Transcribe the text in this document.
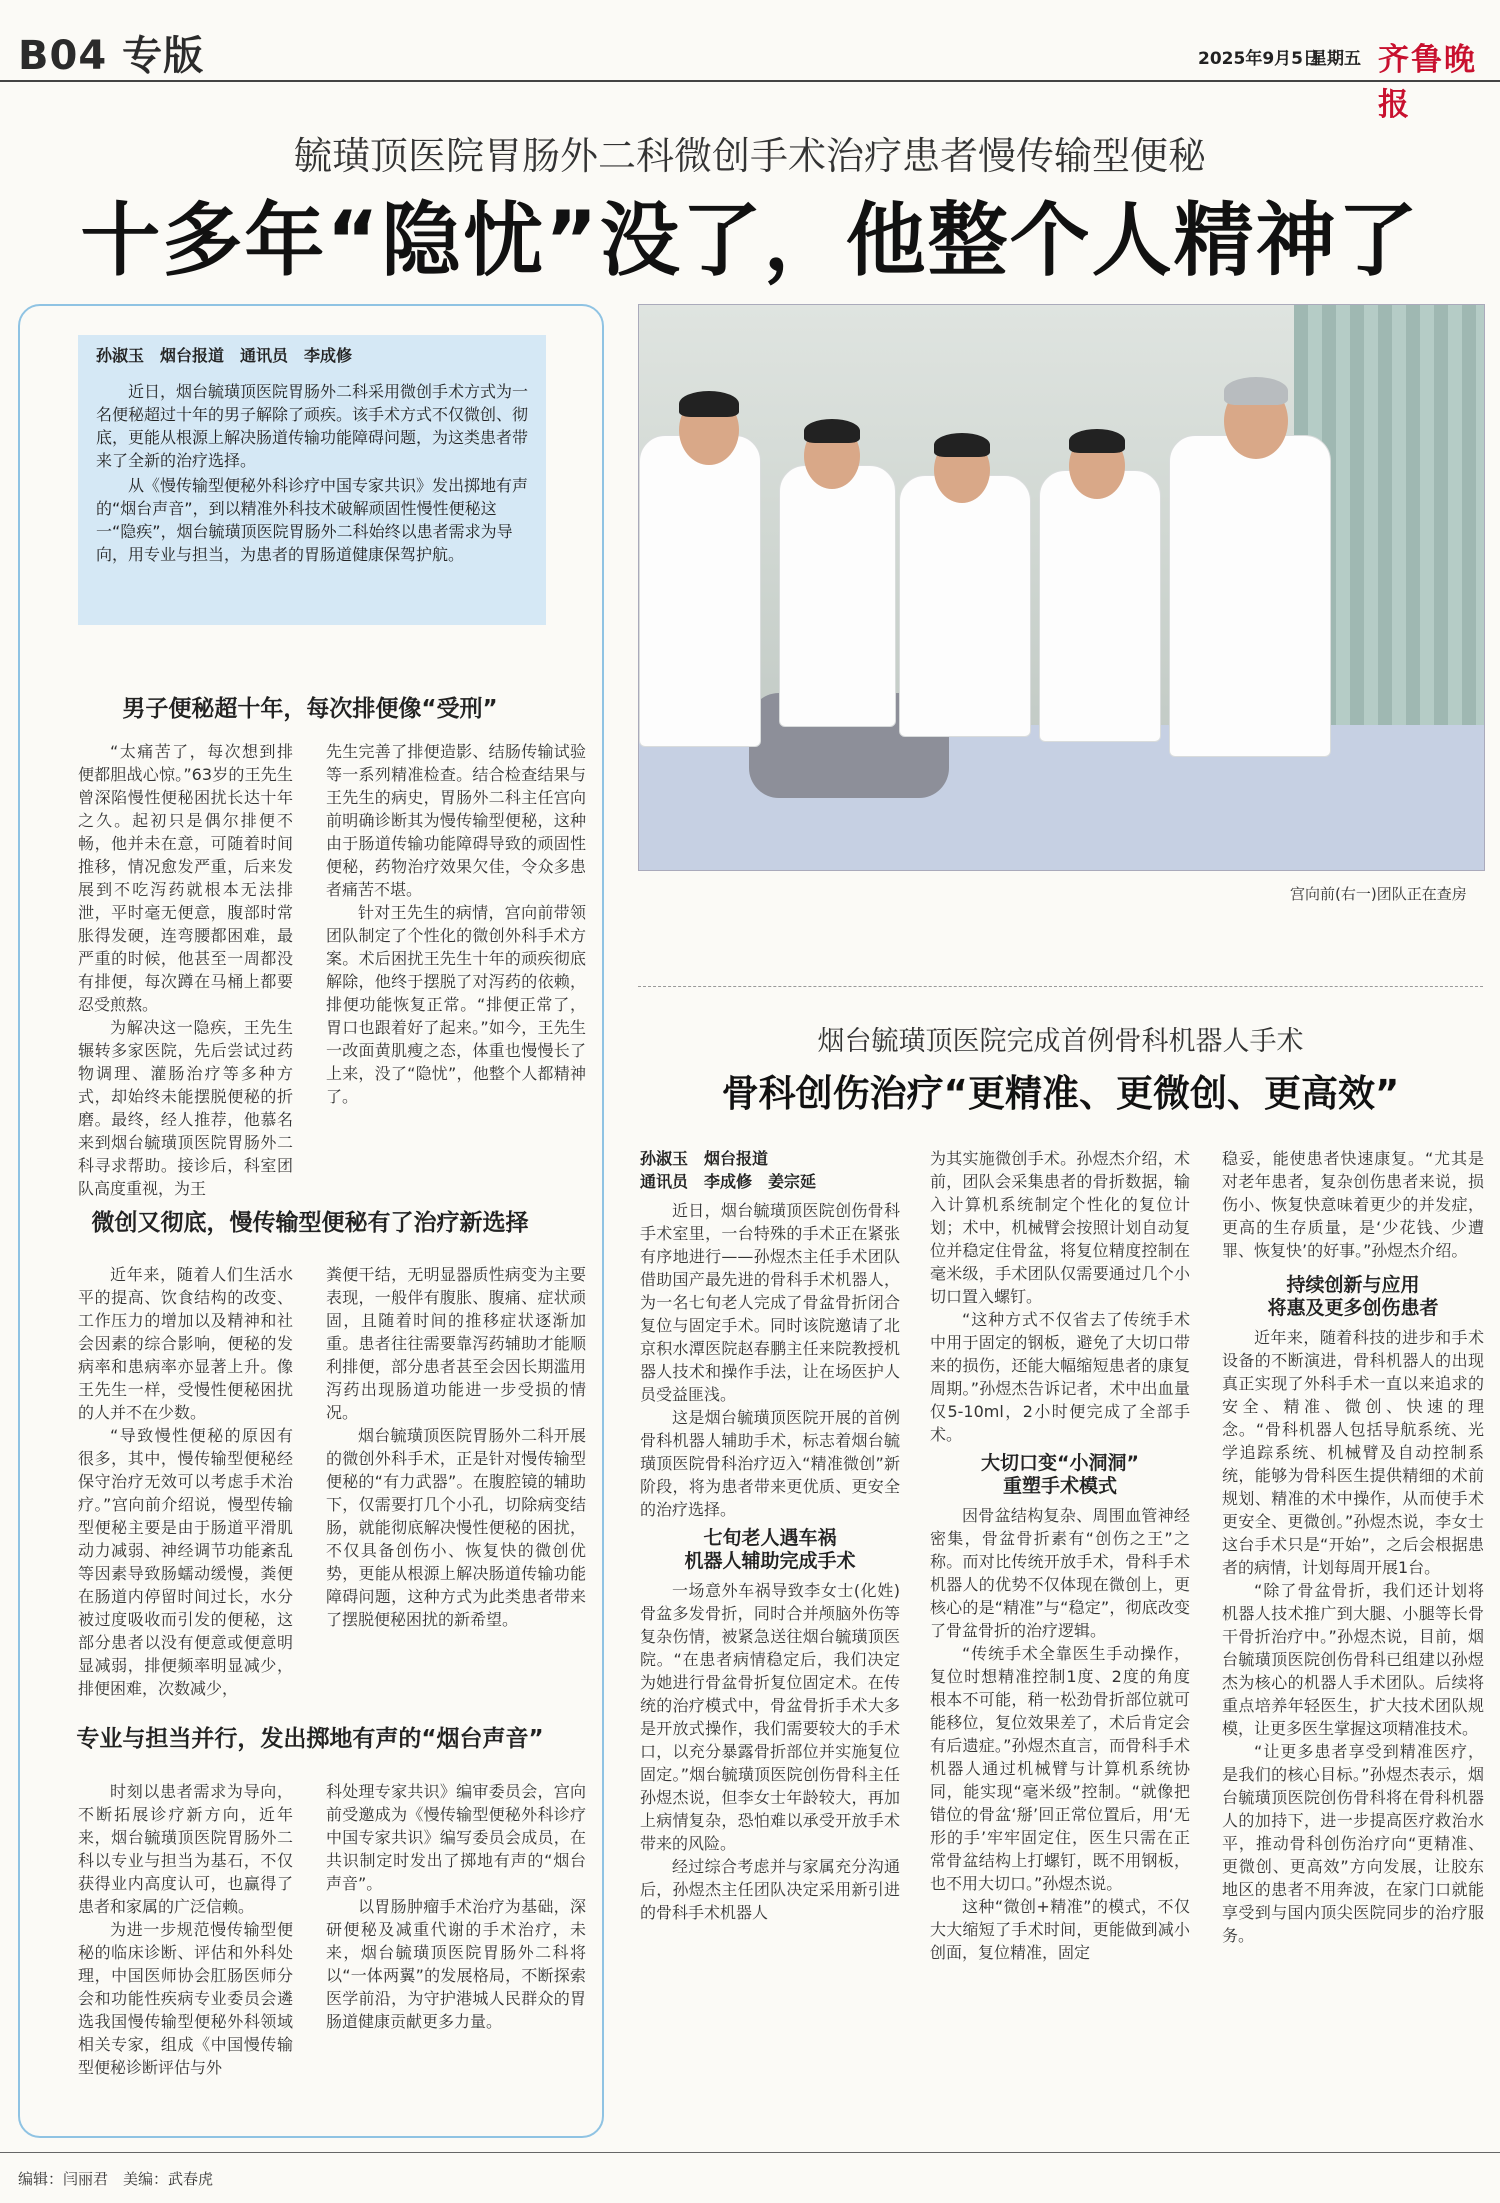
B04 专版	2025年9月5日
星期五 齐鲁晚报
毓璜顶医院胃肠外二科微创手术治疗患者慢传输型便秘
十多年“隐忧”没了，他整个人精神了
孙淑玉　烟台报道　通讯员　李成修

近日，烟台毓璜顶医院胃肠外二科采用微创手术方式为一名便秘超过十年的男子解除了顽疾。该手术方式不仅微创、彻底，更能从根源上解决肠道传输功能障碍问题，为这类患者带来了全新的治疗选择。

从《慢传输型便秘外科诊疗中国专家共识》发出掷地有声的“烟台声音”，到以精准外科技术破解顽固性慢性便秘这一“隐疾”，烟台毓璜顶医院胃肠外二科始终以患者需求为导向，用专业与担当，为患者的胃肠道健康保驾护航。

男子便秘超十年，每次排便像“受刑”

“太痛苦了，每次想到排便都胆战心惊。”63岁的王先生曾深陷慢性便秘困扰长达十年之久。起初只是偶尔排便不畅，他并未在意，可随着时间推移，情况愈发严重，后来发展到不吃泻药就根本无法排泄，平时毫无便意，腹部时常胀得发硬，连弯腰都困难，最严重的时候，他甚至一周都没有排便，每次蹲在马桶上都要忍受煎熬。

为解决这一隐疾，王先生辗转多家医院，先后尝试过药物调理、灌肠治疗等多种方式，却始终未能摆脱便秘的折磨。最终，经人推荐，他慕名来到烟台毓璜顶医院胃肠外二科寻求帮助。接诊后，科室团队高度重视，为王

先生完善了排便造影、结肠传输试验等一系列精准检查。结合检查结果与王先生的病史，胃肠外二科主任宫向前明确诊断其为慢传输型便秘，这种由于肠道传输功能障碍导致的顽固性便秘，药物治疗效果欠佳，令众多患者痛苦不堪。

针对王先生的病情，宫向前带领团队制定了个性化的微创外科手术方案。术后困扰王先生十年的顽疾彻底解除，他终于摆脱了对泻药的依赖，排便功能恢复正常。“排便正常了，胃口也跟着好了起来。”如今，王先生一改面黄肌瘦之态，体重也慢慢长了上来，没了“隐忧”，他整个人都精神了。

微创又彻底，慢传输型便秘有了治疗新选择

近年来，随着人们生活水平的提高、饮食结构的改变、工作压力的增加以及精神和社会因素的综合影响，便秘的发病率和患病率亦显著上升。像王先生一样，受慢性便秘困扰的人并不在少数。

“导致慢性便秘的原因有很多，其中，慢传输型便秘经保守治疗无效可以考虑手术治疗。”宫向前介绍说，慢型传输型便秘主要是由于肠道平滑肌动力减弱、神经调节功能紊乱等因素导致肠蠕动缓慢，粪便在肠道内停留时间过长，水分被过度吸收而引发的便秘，这部分患者以没有便意或便意明显减弱，排便频率明显减少，排便困难，次数减少，

粪便干结，无明显器质性病变为主要表现，一般伴有腹胀、腹痛、症状顽固，且随着时间的推移症状逐渐加重。患者往往需要靠泻药辅助才能顺利排便，部分患者甚至会因长期滥用泻药出现肠道功能进一步受损的情况。

烟台毓璜顶医院胃肠外二科开展的微创外科手术，正是针对慢传输型便秘的“有力武器”。在腹腔镜的辅助下，仅需要打几个小孔，切除病变结肠，就能彻底解决慢性便秘的困扰，不仅具备创伤小、恢复快的微创优势，更能从根源上解决肠道传输功能障碍问题，这种方式为此类患者带来了摆脱便秘困扰的新希望。

专业与担当并行，发出掷地有声的“烟台声音”

时刻以患者需求为导向，不断拓展诊疗新方向，近年来，烟台毓璜顶医院胃肠外二科以专业与担当为基石，不仅获得业内高度认可，也赢得了患者和家属的广泛信赖。

为进一步规范慢传输型便秘的临床诊断、评估和外科处理，中国医师协会肛肠医师分会和功能性疾病专业委员会遴选我国慢传输型便秘外科领域相关专家，组成《中国慢传输型便秘诊断评估与外

科处理专家共识》编审委员会，宫向前受邀成为《慢传输型便秘外科诊疗中国专家共识》编写委员会成员，在共识制定时发出了掷地有声的“烟台声音”。

以胃肠肿瘤手术治疗为基础，深研便秘及减重代谢的手术治疗，未来，烟台毓璜顶医院胃肠外二科将以“一体两翼”的发展格局，不断探索医学前沿，为守护港城人民群众的胃肠道健康贡献更多力量。

宫向前(右一)团队正在查房
烟台毓璜顶医院完成首例骨科机器人手术
骨科创伤治疗“更精准、更微创、更高效”
孙淑玉　烟台报道
通讯员　李成修　姜宗延

近日，烟台毓璜顶医院创伤骨科手术室里，一台特殊的手术正在紧张有序地进行——孙煜杰主任手术团队借助国产最先进的骨科手术机器人，为一名七旬老人完成了骨盆骨折闭合复位与固定手术。同时该院邀请了北京积水潭医院赵春鹏主任来院教授机器人技术和操作手法，让在场医护人员受益匪浅。

这是烟台毓璜顶医院开展的首例骨科机器人辅助手术，标志着烟台毓璜顶医院骨科治疗迈入“精准微创”新阶段，将为患者带来更优质、更安全的治疗选择。

七旬老人遇车祸
机器人辅助完成手术

一场意外车祸导致李女士(化姓)骨盆多发骨折，同时合并颅脑外伤等复杂伤情，被紧急送往烟台毓璜顶医院。“在患者病情稳定后，我们决定为她进行骨盆骨折复位固定术。在传统的治疗模式中，骨盆骨折手术大多是开放式操作，我们需要较大的手术口，以充分暴露骨折部位并实施复位固定。”烟台毓璜顶医院创伤骨科主任孙煜杰说，但李女士年龄较大，再加上病情复杂，恐怕难以承受开放手术带来的风险。

经过综合考虑并与家属充分沟通后，孙煜杰主任团队决定采用新引进的骨科手术机器人

为其实施微创手术。孙煜杰介绍，术前，团队会采集患者的骨折数据，输入计算机系统制定个性化的复位计划；术中，机械臂会按照计划自动复位并稳定住骨盆，将复位精度控制在毫米级，手术团队仅需要通过几个小切口置入螺钉。

“这种方式不仅省去了传统手术中用于固定的钢板，避免了大切口带来的损伤，还能大幅缩短患者的康复周期。”孙煜杰告诉记者，术中出血量仅5-10ml，2小时便完成了全部手术。

大切口变“小洞洞”
重塑手术模式

因骨盆结构复杂、周围血管神经密集，骨盆骨折素有“创伤之王”之称。而对比传统开放手术，骨科手术机器人的优势不仅体现在微创上，更核心的是“精准”与“稳定”，彻底改变了骨盆骨折的治疗逻辑。

“传统手术全靠医生手动操作，复位时想精准控制1度、2度的角度根本不可能，稍一松劲骨折部位就可能移位，复位效果差了，术后肯定会有后遗症。”孙煜杰直言，而骨科手术机器人通过机械臂与计算机系统协同，能实现“毫米级”控制。“就像把错位的骨盆‘掰’回正常位置后，用‘无形的手’牢牢固定住，医生只需在正常骨盆结构上打螺钉，既不用钢板，也不用大切口。”孙煜杰说。

这种“微创+精准”的模式，不仅大大缩短了手术时间，更能做到减小创面，复位精准，固定

稳妥，能使患者快速康复。“尤其是对老年患者，复杂创伤患者来说，损伤小、恢复快意味着更少的并发症，更高的生存质量，是‘少花钱、少遭罪、恢复快’的好事。”孙煜杰介绍。

持续创新与应用
将惠及更多创伤患者

近年来，随着科技的进步和手术设备的不断演进，骨科机器人的出现真正实现了外科手术一直以来追求的安全、精准、微创、快速的理念。“骨科机器人包括导航系统、光学追踪系统、机械臂及自动控制系统，能够为骨科医生提供精细的术前规划、精准的术中操作，从而使手术更安全、更微创。”孙煜杰说，李女士这台手术只是“开始”，之后会根据患者的病情，计划每周开展1台。

“除了骨盆骨折，我们还计划将机器人技术推广到大腿、小腿等长骨干骨折治疗中。”孙煜杰说，目前，烟台毓璜顶医院创伤骨科已组建以孙煜杰为核心的机器人手术团队。后续将重点培养年轻医生，扩大技术团队规模，让更多医生掌握这项精准技术。

“让更多患者享受到精准医疗，是我们的核心目标。”孙煜杰表示，烟台毓璜顶医院创伤骨科将在骨科机器人的加持下，进一步提高医疗救治水平，推动骨科创伤治疗向“更精准、更微创、更高效”方向发展，让胶东地区的患者不用奔波，在家门口就能享受到与国内顶尖医院同步的治疗服务。

编辑：闫丽君　美编：武春虎
